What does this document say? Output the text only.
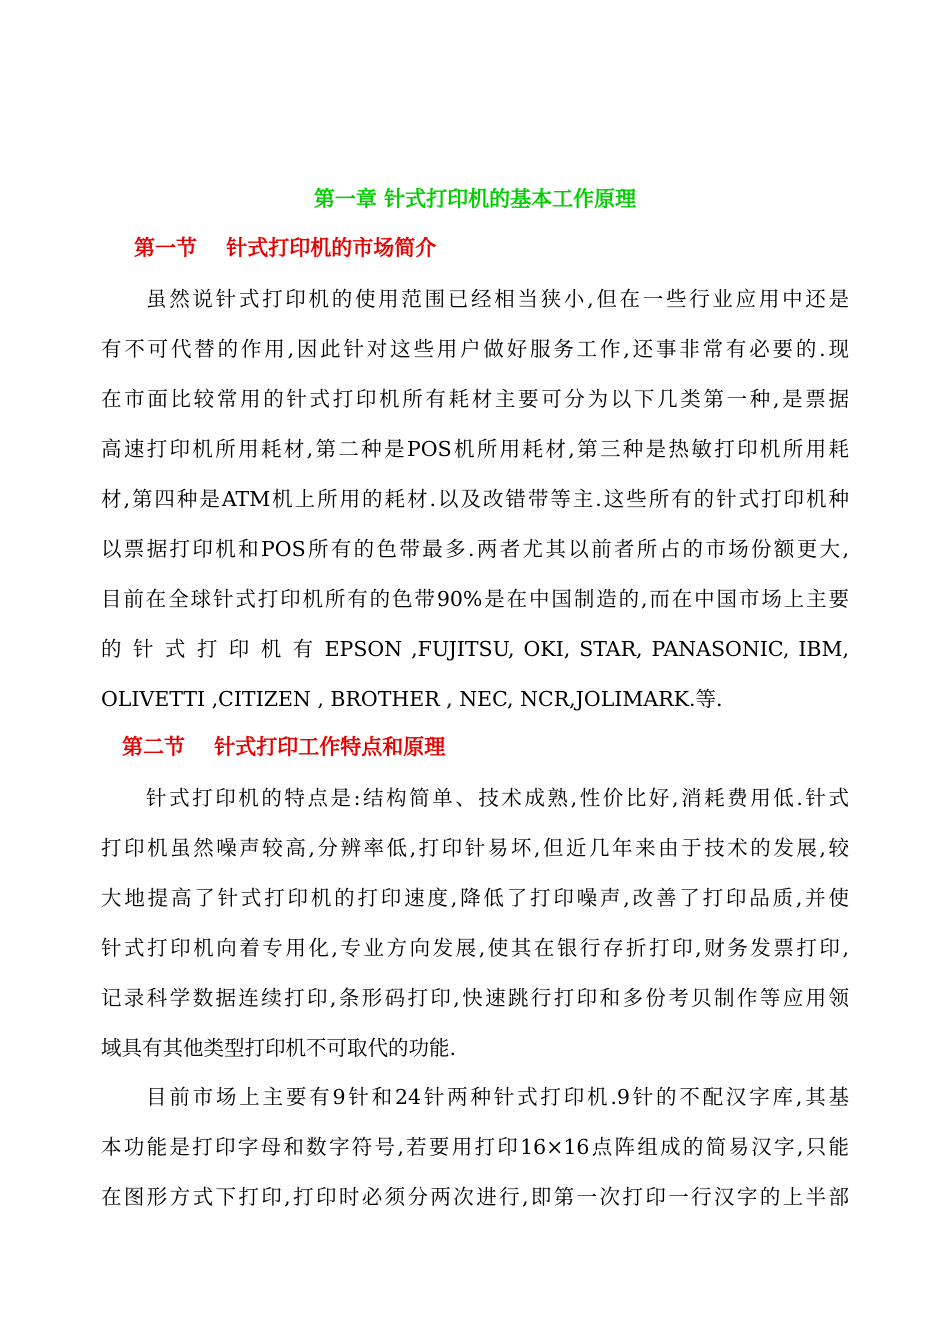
第一章 针式打印机的基本工作原理
第一节    针式打印机的市场简介
虽然说针式打印机的使用范围已经相当狭小,但在一些行业应用中还是
有不可代替的作用,因此针对这些用户做好服务工作,还事非常有必要的.现
在市面比较常用的针式打印机所有耗材主要可分为以下几类第一种,是票据
高速打印机所用耗材,第二种是POS机所用耗材,第三种是热敏打印机所用耗
材,第四种是ATM机上所用的耗材.以及改错带等主.这些所有的针式打印机种
以票据打印机和POS所有的色带最多.两者尤其以前者所占的市场份额更大,
目前在全球针式打印机所有的色带90%是在中国制造的,而在中国市场上主要
的 针 式 打 印 机 有 EPSON ,FUJITSU, OKI, STAR, PANASONIC, IBM,
OLIVETTI ,CITIZEN , BROTHER , NEC, NCR,JOLIMARK.等.
第二节    针式打印工作特点和原理
针式打印机的特点是:结构简单、技术成熟,性价比好,消耗费用低.针式
打印机虽然噪声较高,分辨率低,打印针易坏,但近几年来由于技术的发展,较
大地提高了针式打印机的打印速度,降低了打印噪声,改善了打印品质,并使
针式打印机向着专用化,专业方向发展,使其在银行存折打印,财务发票打印,
记录科学数据连续打印,条形码打印,快速跳行打印和多份考贝制作等应用领
域具有其他类型打印机不可取代的功能.
目前市场上主要有9针和24针两种针式打印机.9针的不配汉字库,其基
本功能是打印字母和数字符号,若要用打印16×16点阵组成的简易汉字,只能
在图形方式下打印,打印时必须分两次进行,即第一次打印一行汉字的上半部
